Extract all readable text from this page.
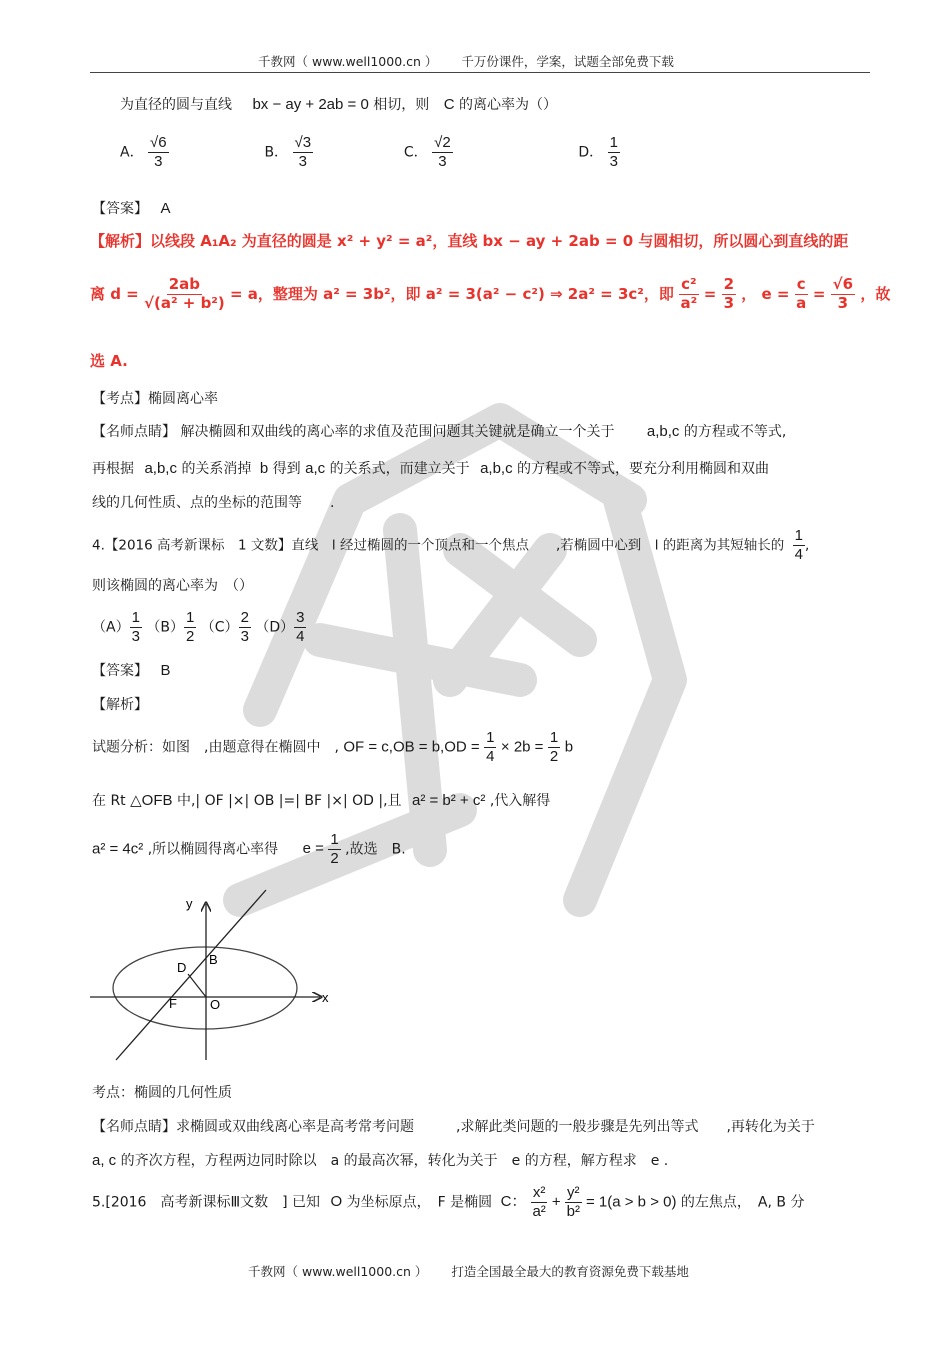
千教网（ www.well1000.cn ） 千万份课件，学案，试题全部免费下载
为直径的圆与直线 bx − ay + 2ab = 0 相切，则 C 的离心率为（）
A． $\frac{√6}{3}$	B． $\frac{√3}{3}$	C． $\frac{√2}{3}$	D． $\frac{1}{3}$
【答案】 A
【解析】以线段 A₁A₂ 为直径的圆是 x² + y² = a²，直线 bx − ay + 2ab = 0 与圆相切，所以圆心到直线的距
离 $d = \frac{2ab}{\text{√(a² + b²)}} = a$，整理为 a² = 3b²，即 a² = 3(a² − c²) ⇒ 2a² = 3c²，即 $\frac{\text{c²}}{\text{a²}} = \frac{2}{3}$ ， $e = \frac{c}{a} = \frac{√6}{3}$ ，故
选 A.
【考点】椭圆离心率
【名师点睛】 解决椭圆和双曲线的离心率的求值及范围问题其关键就是确立一个关于 a,b,c 的方程或不等式,
再根据 a,b,c 的关系消掉 b 得到 a,c 的关系式，而建立关于 a,b,c 的方程或不等式，要充分利用椭圆和双曲
线的几何性质、点的坐标的范围等　　.
4.【2016 高考新课标　1 文数】直线　l 经过椭圆的一个顶点和一个焦点　　,若椭圆中心到　l 的距离为其短轴长的 $\frac{1}{4}$ ,
则该椭圆的离心率为　（）
$(A) \frac{1}{3} (B) \frac{1}{2} (C) \frac{2}{3} (D) \frac{3}{4}$
【答案】 B
【解析】
试题分析：如图　,由题意得在椭圆中　, OF = $c,OB = b,OD = \frac{1}{4} \times 2b = \frac{1}{2}$ b
在 Rt △OFB 中,| OF |×| OB |=| BF |×| OD |,且 a² = b² + c² ,代入解得
a² = 4c² ,所以椭圆得离心率得 $e = \frac{1}{2}$ ,故选　B.
y
x
B
D
F	O
考点：椭圆的几何性质
【名师点睛】求椭圆或双曲线离心率是高考常考问题　　　,求解此类问题的一般步骤是先列出等式　　,再转化为关于
a, c 的齐次方程，方程两边同时除以　a 的最高次幂，转化为关于　e 的方程，解方程求　e .
5.[2016　高考新课标Ⅲ文数　] 已知 O 为坐标原点，　F 是椭圆 C： $\frac{\text{x²}}{\text{a²}} + \frac{\text{y²}}{\text{b²}} = 1(a > b > 0)$ 的左焦点，　A, B 分
千教网（ www.well1000.cn ） 打造全国最全最大的教育资源免费下载基地
